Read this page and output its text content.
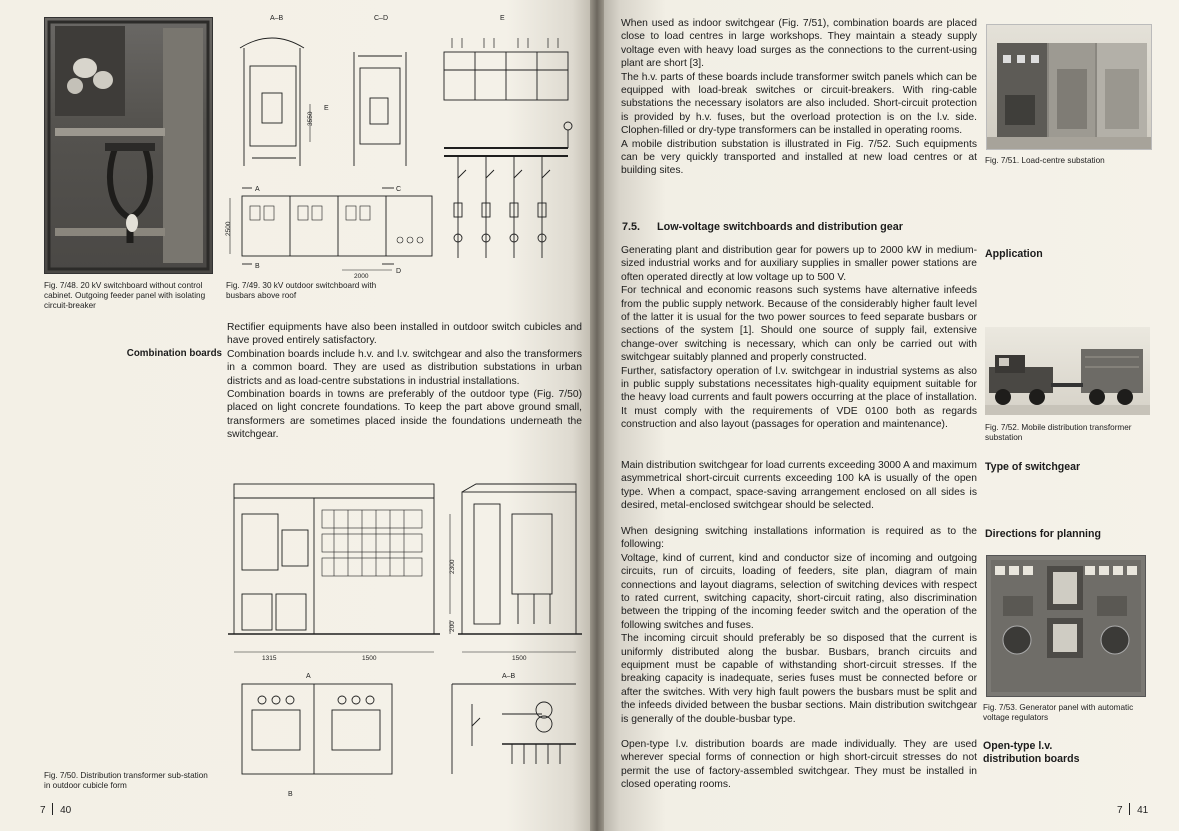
Fig. 7/48. 20 kV switchboard without control cabinet. Outgoing feeder panel with isolating circuit-breaker
A–B	C–D	E
E
3550
2500
2000
A	C
B
D
Fig. 7/49. 30 kV outdoor switchboard with busbars above roof
Combination boards

Rectifier equipments have also been installed in outdoor switch cubicles and have proved entirely satisfactory.

Combination boards include h.v. and l.v. switchgear and also the transformers in a common board. They are used as distribution substations in urban districts and as load-centre substations in industrial installations.

Combination boards in towns are preferably of the outdoor type (Fig. 7/50) placed on light concrete foundations. To keep the part above ground small, transformers are sometimes placed inside the foundations underneath the switchgear.

1315	1500	1500
2300
200
A–B
A
B
Fig. 7/50. Distribution transformer sub-station in outdoor cubicle form
7 40

When used as indoor switchgear (Fig. 7/51), combination boards are placed close to load centres in large workshops. They maintain a steady supply voltage even with heavy load surges as the connections to the current-using plant are short [3].

The h.v. parts of these boards include transformer switch panels which can be equipped with load-break switches or circuit-breakers. With ring-cable substations the necessary isolators are also included. Short-circuit protection is provided by h.v. fuses, but the overload protection is on the l.v. side. Clophen-filled or dry-type transformers can be installed in operating rooms.

A mobile distribution substation is illustrated in Fig. 7/52. Such equipments can be very quickly transported and installed at new load centres or at building sites.

Fig. 7/51. Load-centre substation
7.5. Low-voltage switchboards and distribution gear
Application

Generating plant and distribution gear for powers up to 2000 kW in medium-sized industrial works and for auxiliary supplies in smaller power stations are often operated directly at low voltage up to 500 V.

For technical and economic reasons such systems have alternative infeeds from the public supply network. Because of the considerably higher fault level of the latter it is usual for the two power sources to feed separate busbars or sections of the system [1]. Should one source of supply fail, extensive change-over switching is necessary, which can only be carried out with switchgear suitably planned and properly constructed.

Further, satisfactory operation of l.v. switchgear in industrial systems as also in public supply substations necessitates high-quality equipment suitable for the heavy load currents and fault powers occurring at the place of installation. It must comply with the requirements of VDE 0100 both as regards construction and also layout (passages for operation and maintenance).	Fig. 7/52. Mobile distribution transformer substation
Type of switchgear
Main distribution switchgear for load currents exceeding 3000 A and maximum asymmetrical short-circuit currents exceeding 100 kA is usually of the open type. When a compact, space-saving arrangement enclosed on all sides is desired, metal-enclosed switchgear should be selected.
Directions for planning

When designing switching installations information is required as to the following:

Voltage, kind of current, kind and conductor size of incoming and outgoing circuits, run of circuits, loading of feeders, site plan, diagram of main connections and layout diagrams, selection of switching devices with respect to rated current, switching capacity, short-circuit rating, also discrimination between the tripping of the incoming feeder switch and the operation of the following switches and fuses.

The incoming circuit should preferably be so disposed that the current is uniformly distributed along the busbar. Busbars, branch circuits and equipment must be capable of withstanding short-circuit stresses. If the breaking capacity is inadequate, series fuses must be connected before or after the switches. With very high fault powers the busbars must be split and the infeeds divided between the busbar sections. Main distribution switchgear is generally of the double-busbar type.

Fig. 7/53. Generator panel with automatic voltage regulators
Open-type l.v. distribution boards
Open-type l.v. distribution boards are made individually. They are used wherever special forms of connection or high short-circuit stresses do not permit the use of factory-assembled switchgear. They must be installed in closed operating rooms.
7 41
